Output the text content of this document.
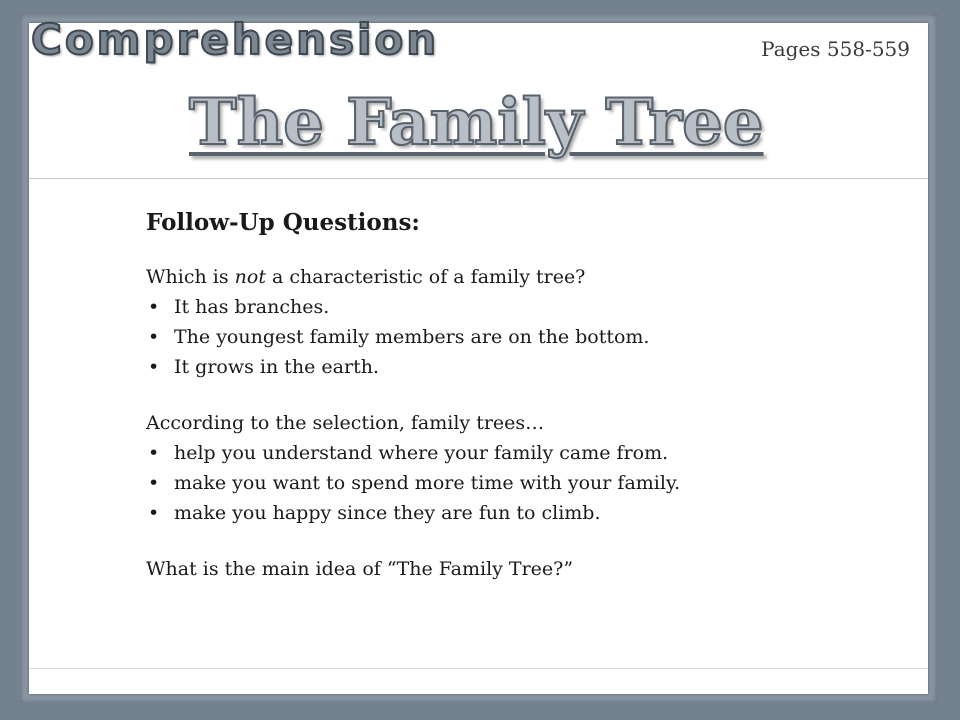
Comprehension	Pages 558-559
The Family Tree
Follow-Up Questions:

Which is not a characteristic of a family tree?

• It has branches.
• The youngest family members are on the bottom.
• It grows in the earth.

According to the selection, family trees…

• help you understand where your family came from.
• make you want to spend more time with your family.
• make you happy since they are fun to climb.

What is the main idea of “The Family Tree?”
